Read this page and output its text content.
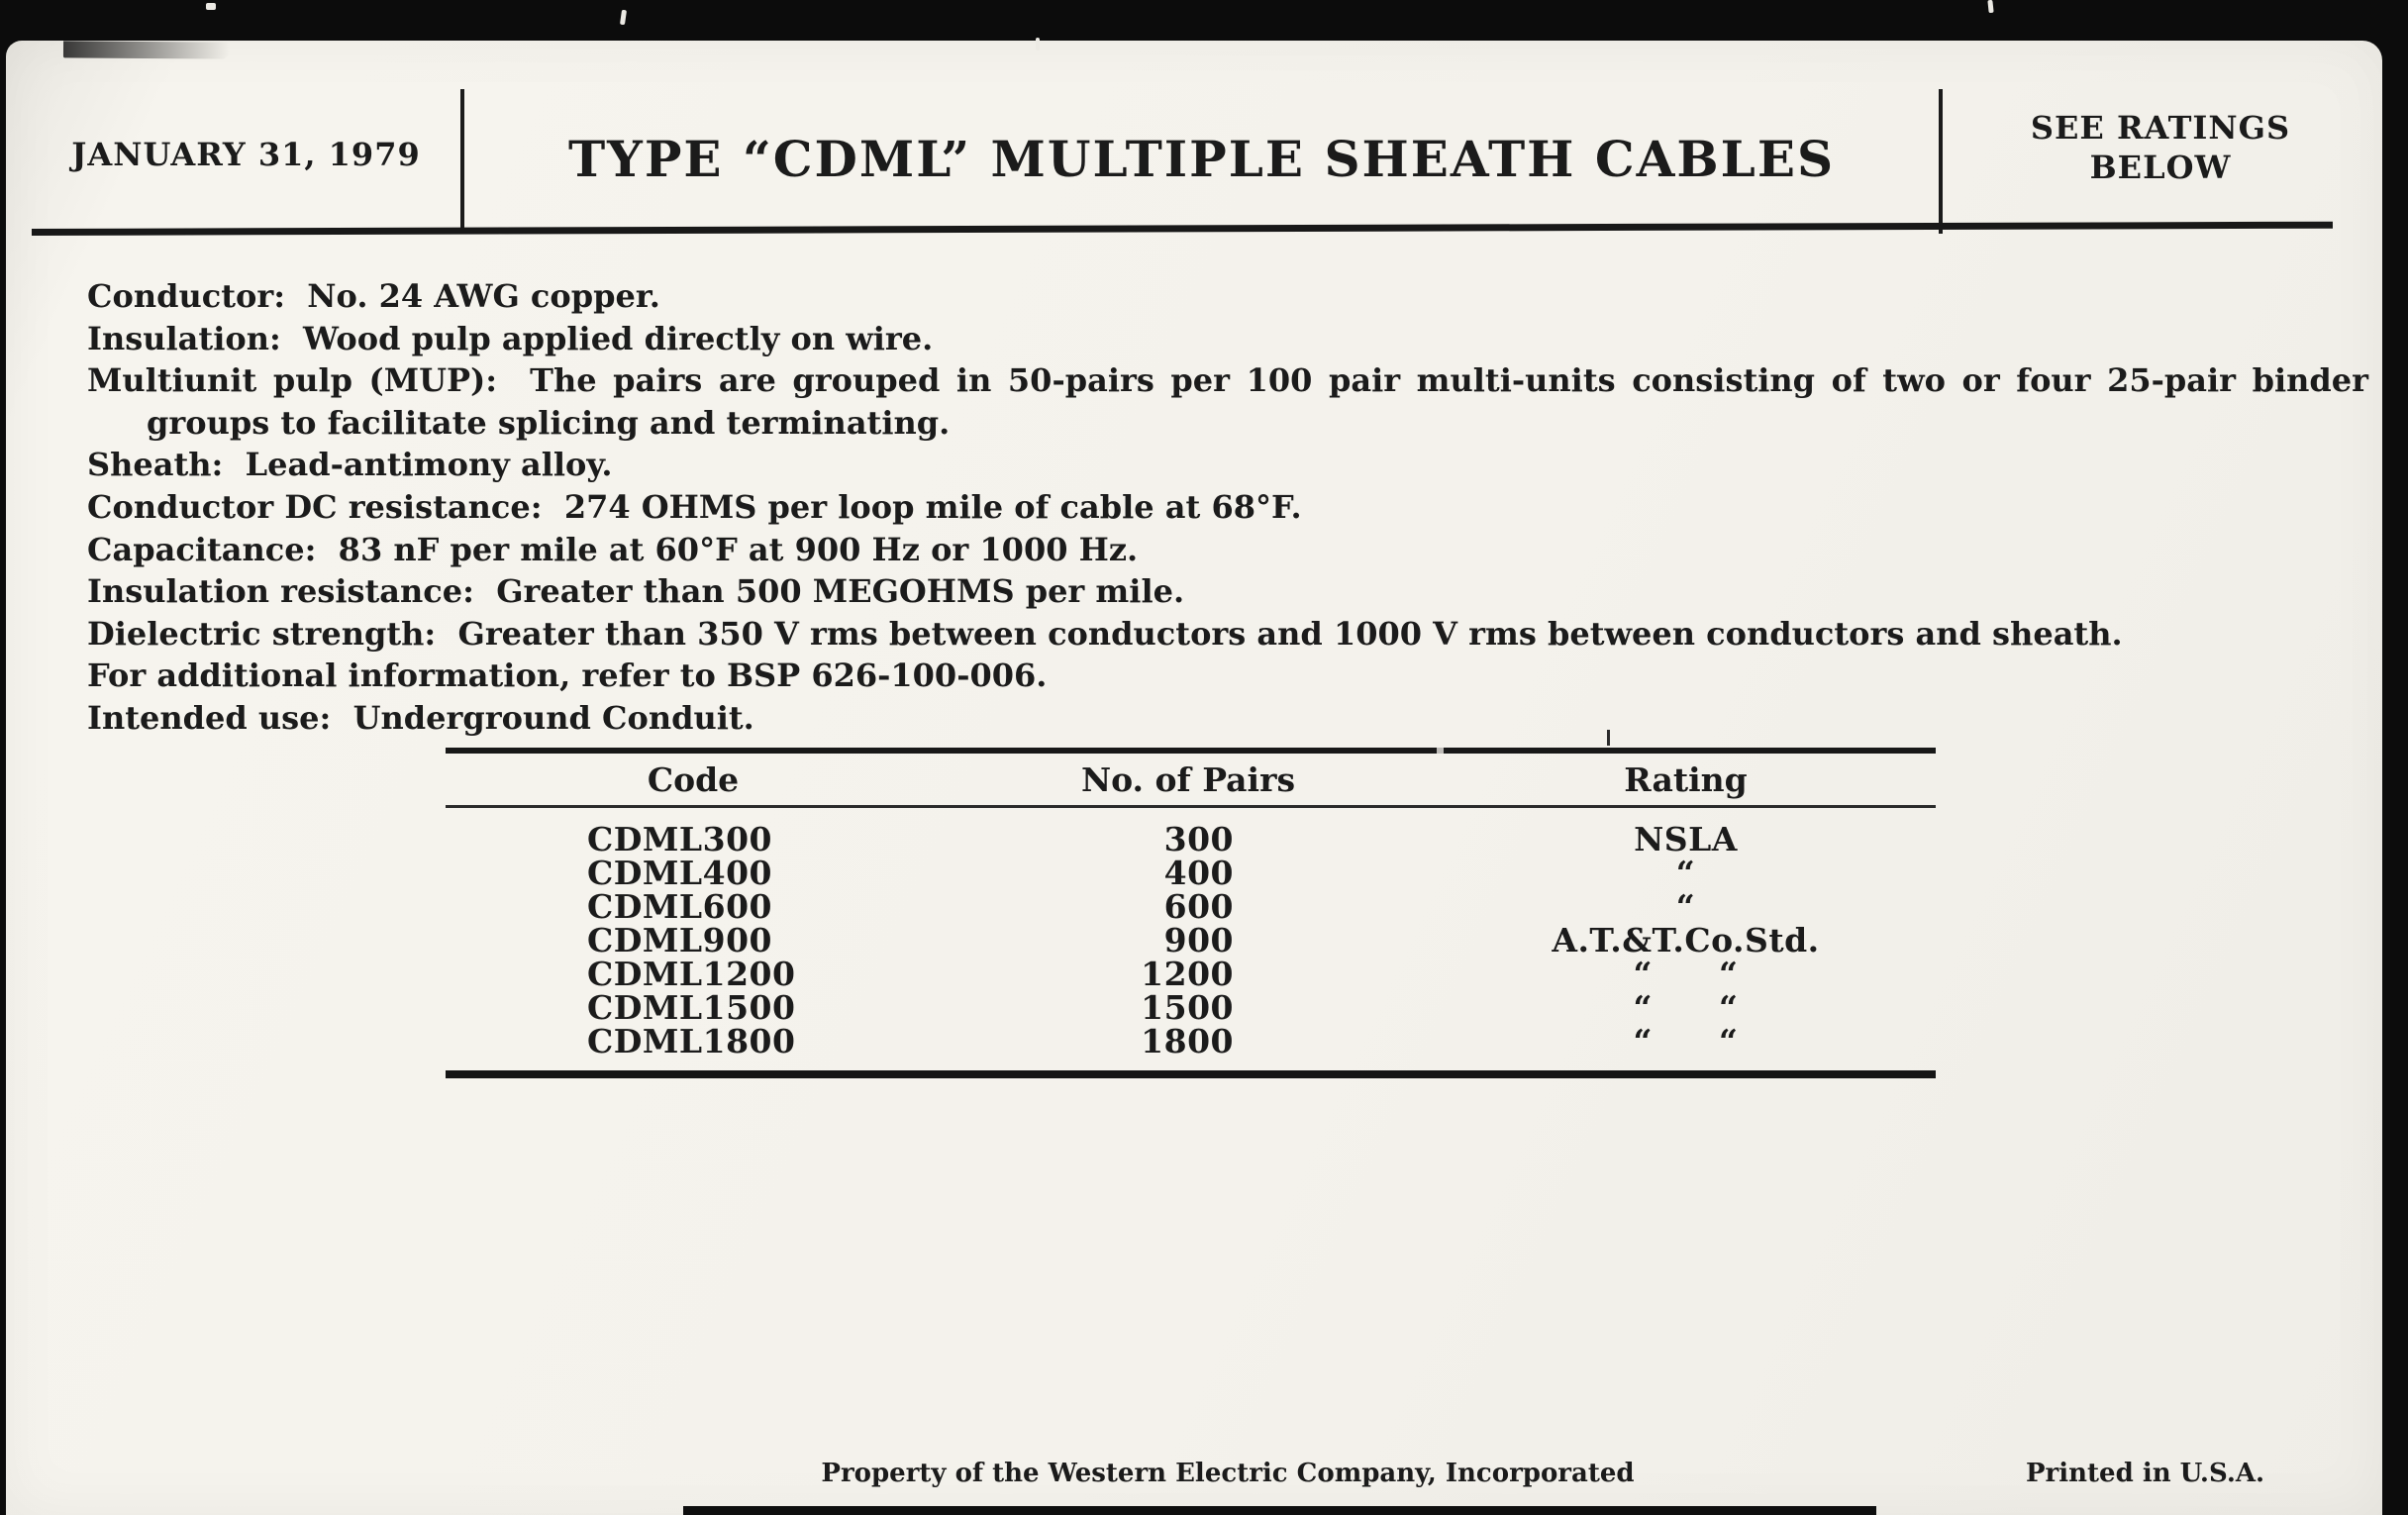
JANUARY 31, 1979	TYPE “CDML” MULTIPLE SHEATH CABLES
SEE RATINGS
BELOW

Conductor:  No. 24 AWG copper.

Insulation:  Wood pulp applied directly on wire.

Multiunit pulp (MUP):  The pairs are grouped in 50-pairs per 100 pair multi-units consisting of two or four 25-pair binder

groups to facilitate splicing and terminating.

Sheath:  Lead-antimony alloy.

Conductor DC resistance:  274 OHMS per loop mile of cable at 68°F.

Capacitance:  83 nF per mile at 60°F at 900 Hz or 1000 Hz.

Insulation resistance:  Greater than 500 MEGOHMS per mile.

Dielectric strength:  Greater than 350 V rms between conductors and 1000 V rms between conductors and sheath.

For additional information, refer to BSP 626-100-006.

Intended use:  Underground Conduit.

Code	No. of Pairs	Rating
CDML300	300	NSLA
CDML400	400	“
CDML600	600	“
CDML900	900	A.T.&T.Co.Std.
CDML1200	1200	“  “
CDML1500	1500	“  “
CDML1800	1800	“  “
Property of the Western Electric Company, Incorporated	Printed in U.S.A.
